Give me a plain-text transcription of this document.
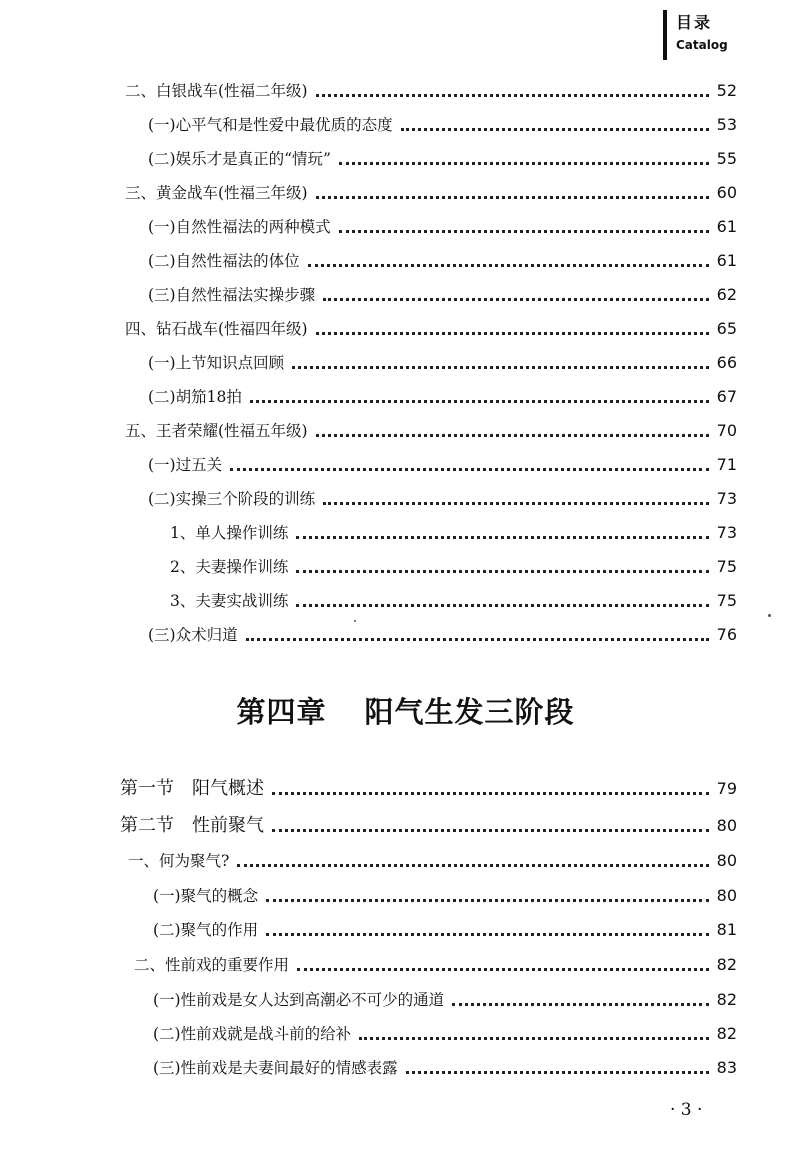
目录
Catalog
二、白银战车(性福二年级)	52
(一)心平气和是性爱中最优质的态度	53
(二)娱乐才是真正的“情玩”	55
三、黄金战车(性福三年级)	60
(一)自然性福法的两种模式	61
(二)自然性福法的体位	61
(三)自然性福法实操步骤	62
四、钻石战车(性福四年级)	65
(一)上节知识点回顾	66
(二)胡笳18拍	67
五、王者荣耀(性福五年级)	70
(一)过五关	71
(二)实操三个阶段的训练	73
1、单人操作训练	73
2、夫妻操作训练	75
3、夫妻实战训练	75
(三)众术归道	76
第四章 阳气生发三阶段
第一节　阳气概述	79
第二节　性前聚气	80
一、何为聚气?	80
(一)聚气的概念	80
(二)聚气的作用	81
二、性前戏的重要作用	82
(一)性前戏是女人达到高潮必不可少的通道	82
(二)性前戏就是战斗前的给补	82
(三)性前戏是夫妻间最好的情感表露	83
· 3 ·
